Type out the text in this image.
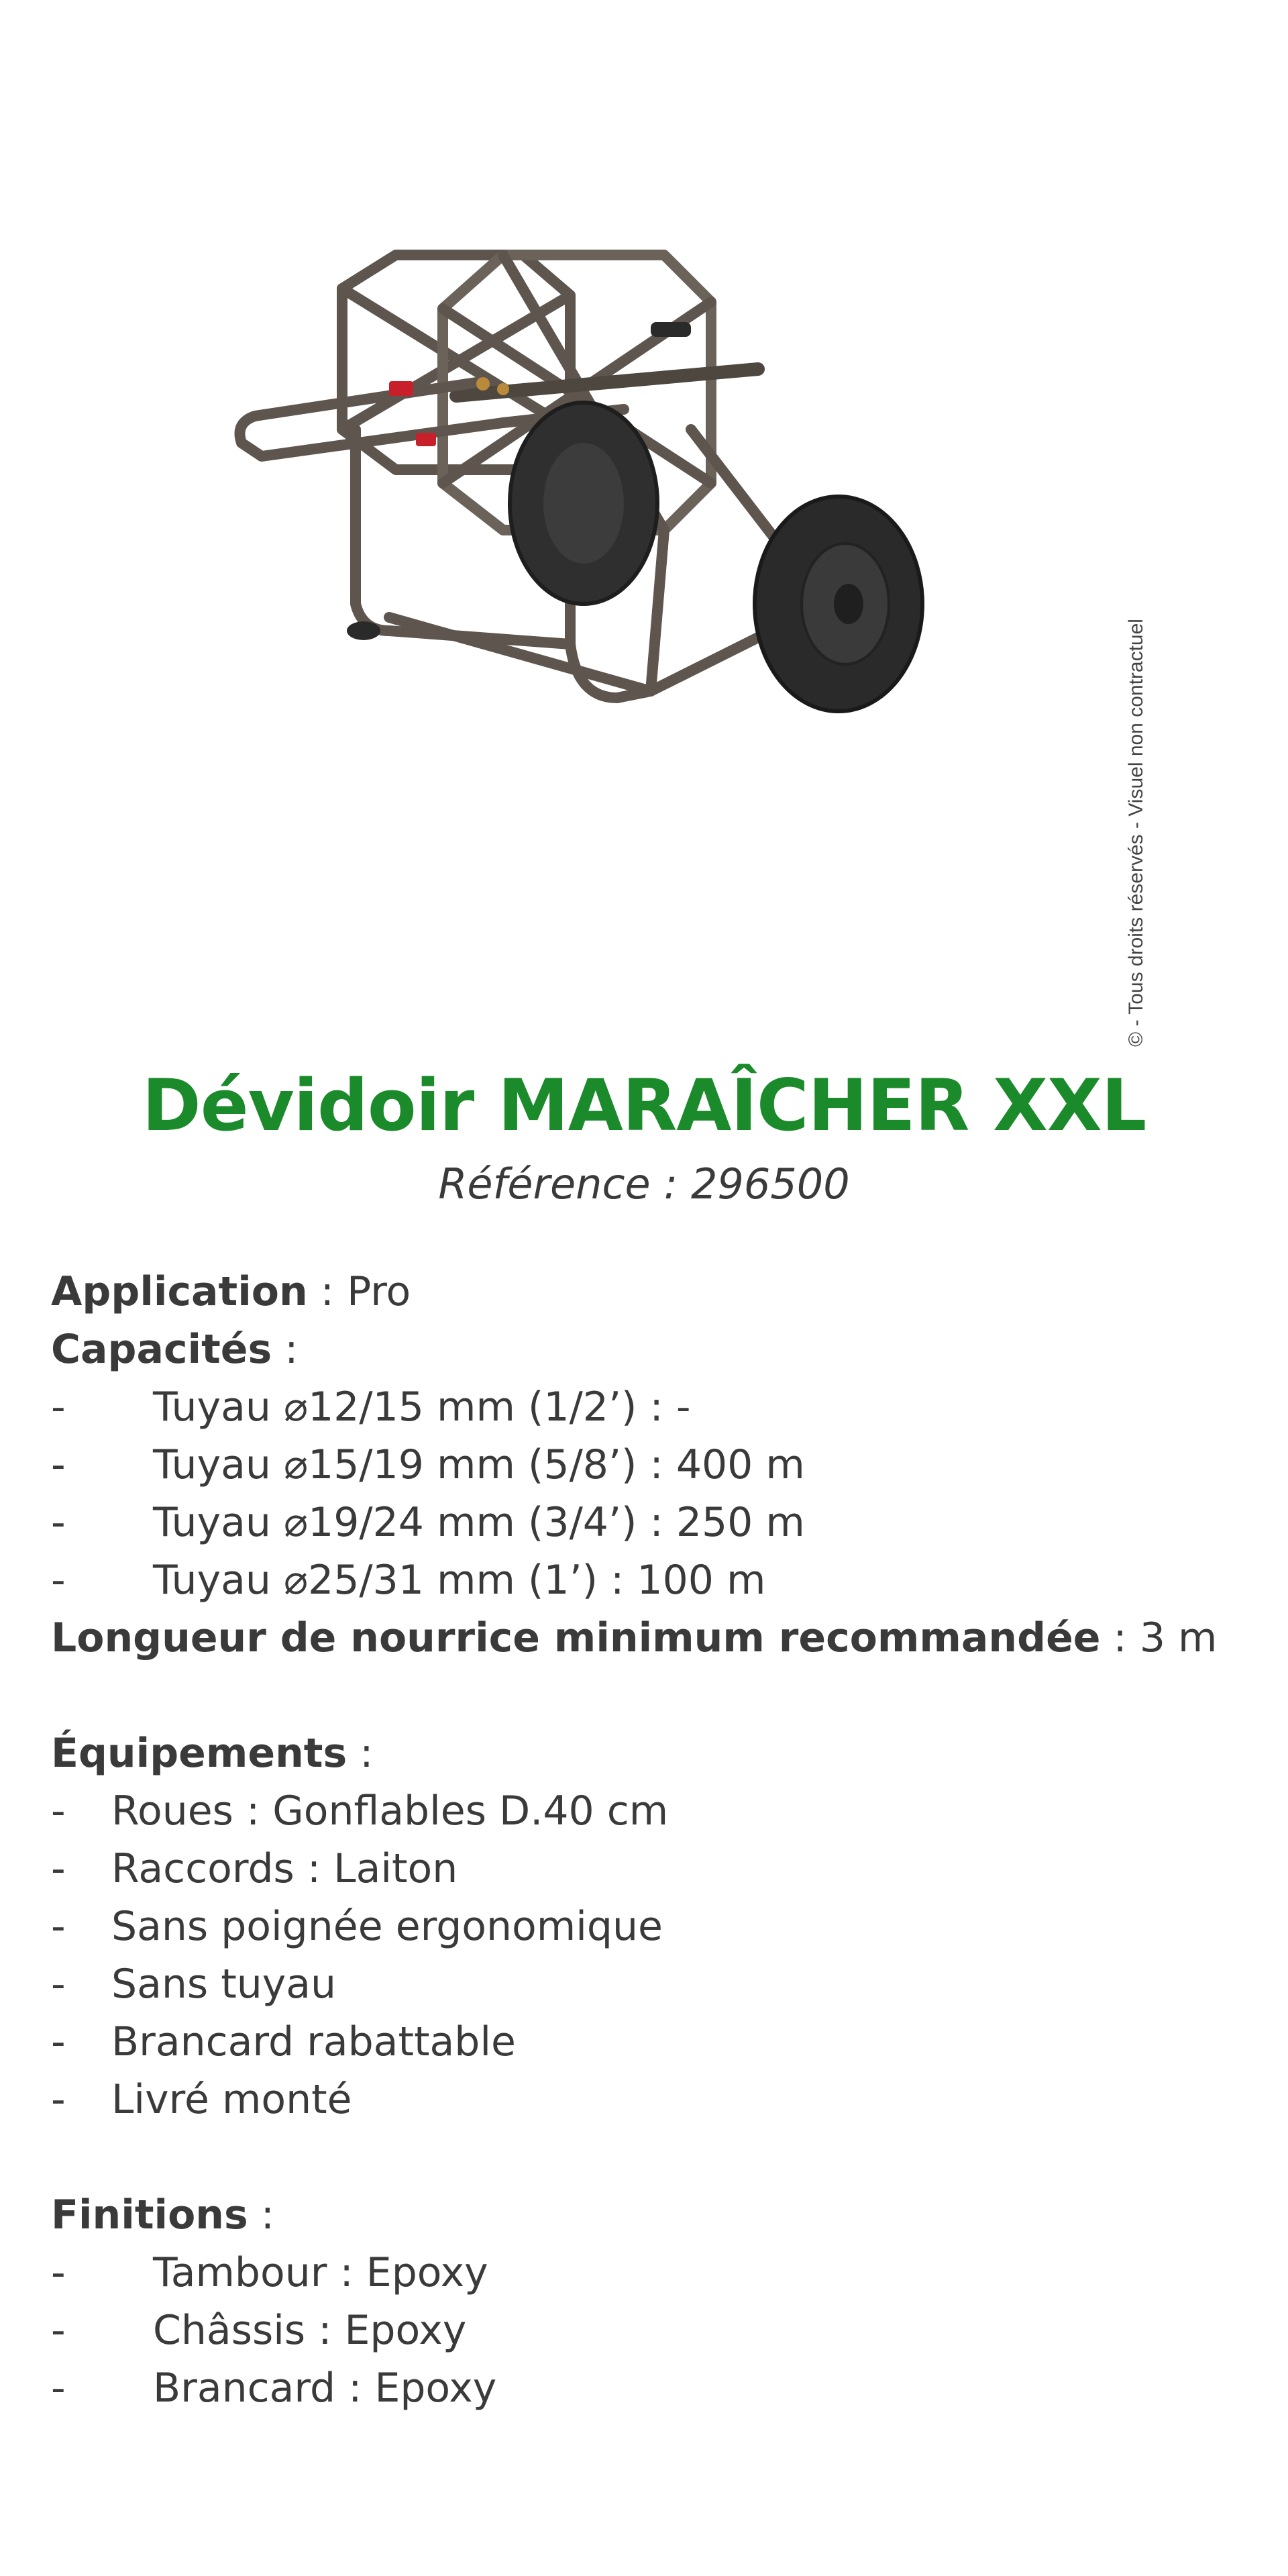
© - Tous droits réservés - Visuel non contractuel
Dévidoir MARAÎCHER XXL
Référence : 296500
Application : Pro
Capacités :
- Tuyau ⌀12/15 mm (1/2’) : -
- Tuyau ⌀15/19 mm (5/8’) : 400 m
- Tuyau ⌀19/24 mm (3/4’) : 250 m
- Tuyau ⌀25/31 mm (1’) : 100 m
Longueur de nourrice minimum recommandée : 3 m
Équipements :
- Roues : Gonflables D.40 cm
- Raccords : Laiton
- Sans poignée ergonomique
- Sans tuyau
- Brancard rabattable
- Livré monté
Finitions :
- Tambour : Epoxy
- Châssis : Epoxy
- Brancard : Epoxy
